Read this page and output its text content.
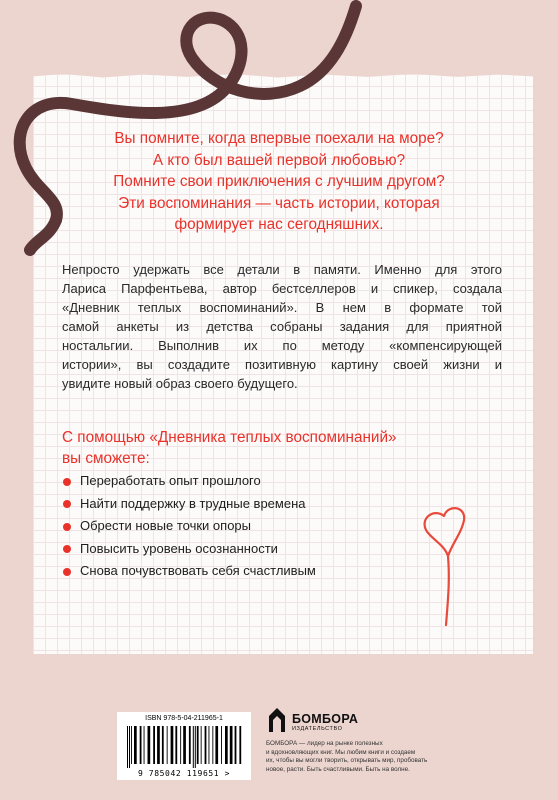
Вы помните, когда впервые поехали на море?
А кто был вашей первой любовью?
Помните свои приключения с лучшим другом?
Эти воспоминания — часть истории, которая
формирует нас сегодняшних.
Непросто удержать все детали в памяти. Именно для этого
Лариса Парфентьева, автор бестселлеров и спикер, создала
«Дневник теплых воспоминаний». В нем в формате той
самой анкеты из детства собраны задания для приятной
ностальгии. Выполнив их по методу «компенсирующей
истории», вы создадите позитивную картину своей жизни и
увидите новый образ своего будущего.
С помощью «Дневника теплых воспоминаний»
вы сможете:
Переработать опыт прошлого
Найти поддержку в трудные времена
Обрести новые точки опоры
Повысить уровень осознанности
Снова почувствовать себя счастливым
ISBN 978-5-04-211965-1
9 785042 119651 >
БОМБОРА
ИЗДАТЕЛЬСТВО
БОМБОРА — лидер на рынке полезных
и вдохновляющих книг. Мы любим книги и создаем
их, чтобы вы могли творить, открывать мир, пробовать
новое, расти. Быть счастливыми. Быть на волне.
